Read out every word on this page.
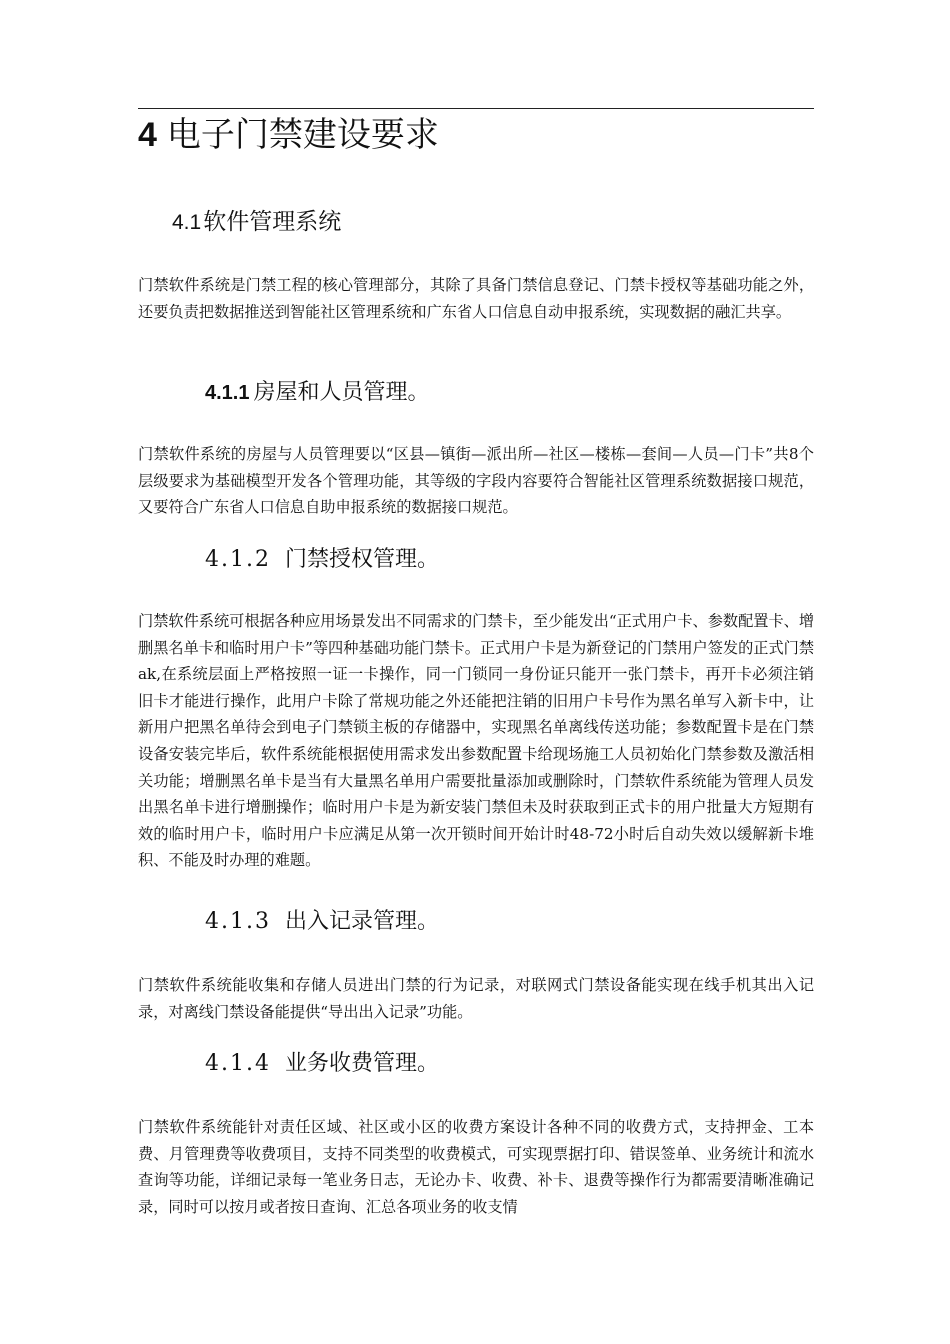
4 电子门禁建设要求
4.1软件管理系统
门禁软件系统是门禁工程的核心管理部分，其除了具备门禁信息登记、门禁卡授权等基础功能之外，还要负责把数据推送到智能社区管理系统和广东省人口信息自动申报系统，实现数据的融汇共享。
4.1.1 房屋和人员管理。
门禁软件系统的房屋与人员管理要以“区县—镇街—派出所—社区—楼栋—套间—人员—门卡”共8个层级要求为基础模型开发各个管理功能，其等级的字段内容要符合智能社区管理系统数据接口规范，又要符合广东省人口信息自助申报系统的数据接口规范。
4.1.2 门禁授权管理。
门禁软件系统可根据各种应用场景发出不同需求的门禁卡，至少能发出“正式用户卡、参数配置卡、增删黑名单卡和临时用户卡”等四种基础功能门禁卡。正式用户卡是为新登记的门禁用户签发的正式门禁ak,在系统层面上严格按照一证一卡操作，同一门锁同一身份证只能开一张门禁卡，再开卡必须注销旧卡才能进行操作，此用户卡除了常规功能之外还能把注销的旧用户卡号作为黑名单写入新卡中，让新用户把黑名单待会到电子门禁锁主板的存储器中，实现黑名单离线传送功能；参数配置卡是在门禁设备安装完毕后，软件系统能根据使用需求发出参数配置卡给现场施工人员初始化门禁参数及激活相关功能；增删黑名单卡是当有大量黑名单用户需要批量添加或删除时，门禁软件系统能为管理人员发出黑名单卡进行增删操作；临时用户卡是为新安装门禁但未及时获取到正式卡的用户批量大方短期有效的临时用户卡，临时用户卡应满足从第一次开锁时间开始计时48-72小时后自动失效以缓解新卡堆积、不能及时办理的难题。
4.1.3 出入记录管理。
门禁软件系统能收集和存储人员进出门禁的行为记录，对联网式门禁设备能实现在线手机其出入记录，对离线门禁设备能提供“导出出入记录”功能。
4.1.4 业务收费管理。
门禁软件系统能针对责任区域、社区或小区的收费方案设计各种不同的收费方式，支持押金、工本费、月管理费等收费项目，支持不同类型的收费模式，可实现票据打印、错误签单、业务统计和流水查询等功能，详细记录每一笔业务日志，无论办卡、收费、补卡、退费等操作行为都需要清晰准确记录，同时可以按月或者按日查询、汇总各项业务的收支情
